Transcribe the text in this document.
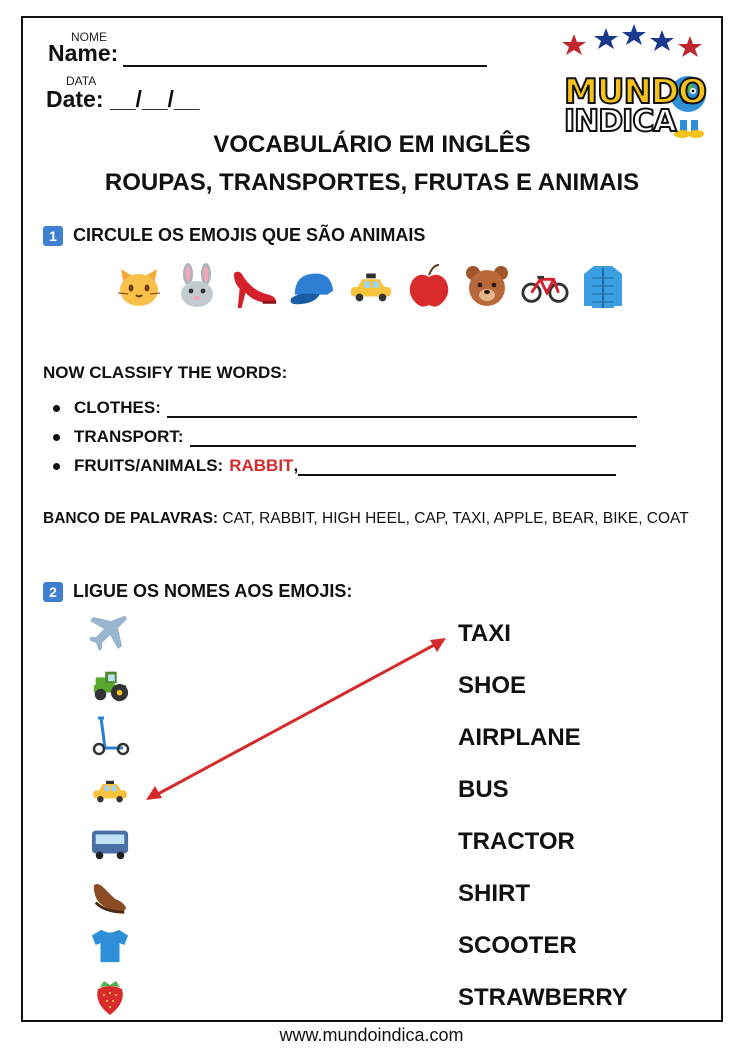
NOME
Name:
DATA
Date: __/__/__	MUNDO
INDICA
VOCABULÁRIO EM INGLÊS
ROUPAS, TRANSPORTES, FRUTAS E ANIMAIS
1 CIRCULE OS EMOJIS QUE SÃO ANIMAIS
NOW CLASSIFY THE WORDS:
CLOTHES:
TRANSPORT:
FRUITS/ANIMALS: RABBIT ,
BANCO DE PALAVRAS: CAT, RABBIT, HIGH HEEL, CAP, TAXI, APPLE, BEAR, BIKE, COAT
2 LIGUE OS NOMES AOS EMOJIS:
TAXI
SHOE
AIRPLANE
BUS
TRACTOR
SHIRT
SCOOTER
STRAWBERRY
www.mundoindica.com
